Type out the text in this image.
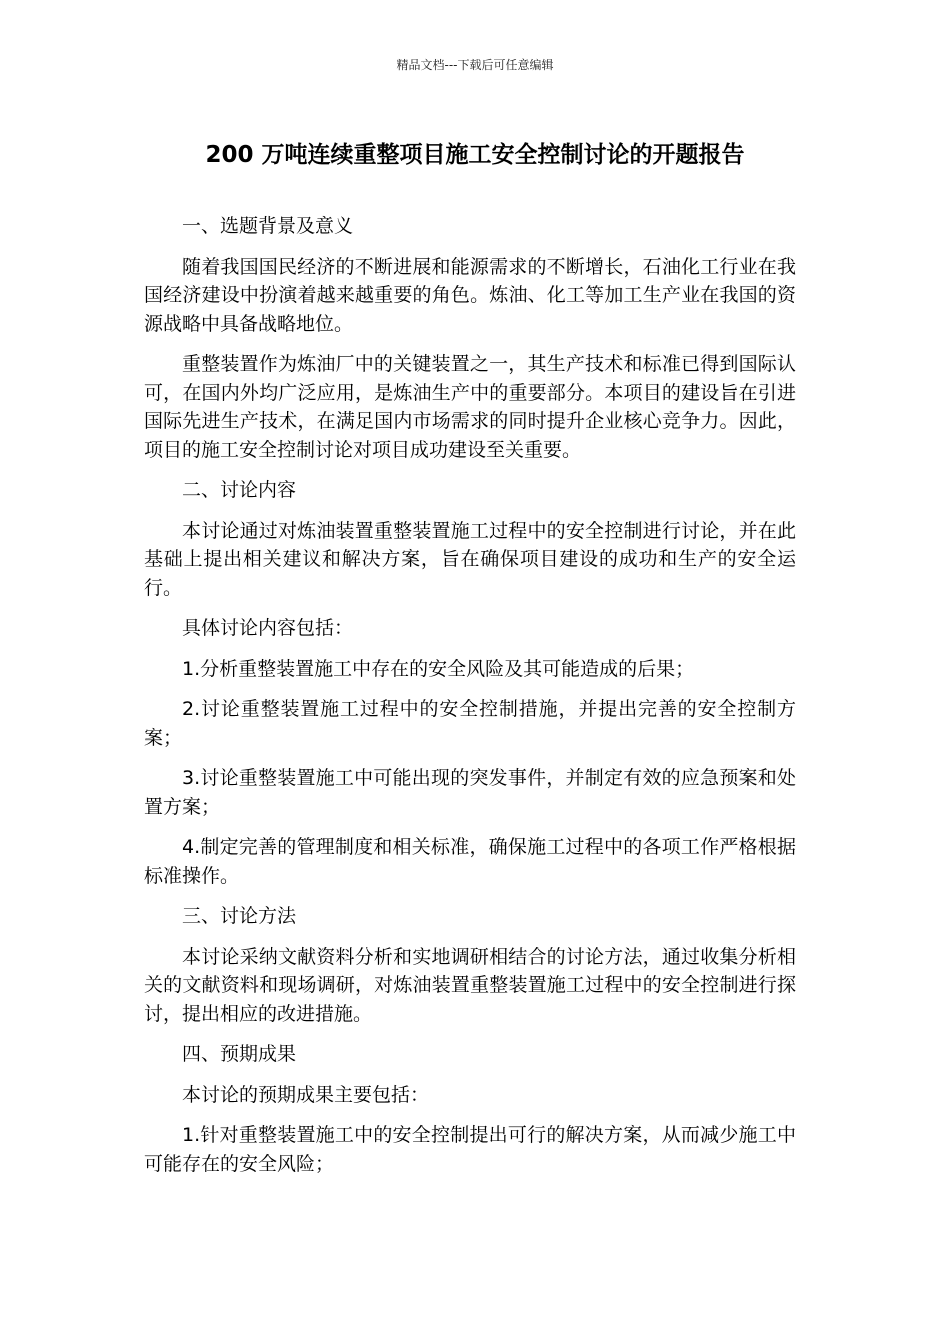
精品文档---下载后可任意编辑
200 万吨连续重整项目施工安全控制讨论的开题报告

一、选题背景及意义

随着我国国民经济的不断进展和能源需求的不断增长，石油化工行业在我国经济建设中扮演着越来越重要的角色。炼油、化工等加工生产业在我国的资源战略中具备战略地位。

重整装置作为炼油厂中的关键装置之一，其生产技术和标准已得到国际认可，在国内外均广泛应用，是炼油生产中的重要部分。本项目的建设旨在引进国际先进生产技术，在满足国内市场需求的同时提升企业核心竞争力。因此，项目的施工安全控制讨论对项目成功建设至关重要。

二、讨论内容

本讨论通过对炼油装置重整装置施工过程中的安全控制进行讨论，并在此基础上提出相关建议和解决方案，旨在确保项目建设的成功和生产的安全运行。

具体讨论内容包括：

1.分析重整装置施工中存在的安全风险及其可能造成的后果；

2.讨论重整装置施工过程中的安全控制措施，并提出完善的安全控制方案；

3.讨论重整装置施工中可能出现的突发事件，并制定有效的应急预案和处置方案；

4.制定完善的管理制度和相关标准，确保施工过程中的各项工作严格根据标准操作。

三、讨论方法

本讨论采纳文献资料分析和实地调研相结合的讨论方法，通过收集分析相关的文献资料和现场调研，对炼油装置重整装置施工过程中的安全控制进行探讨，提出相应的改进措施。

四、预期成果

本讨论的预期成果主要包括：

1.针对重整装置施工中的安全控制提出可行的解决方案，从而减少施工中可能存在的安全风险；
